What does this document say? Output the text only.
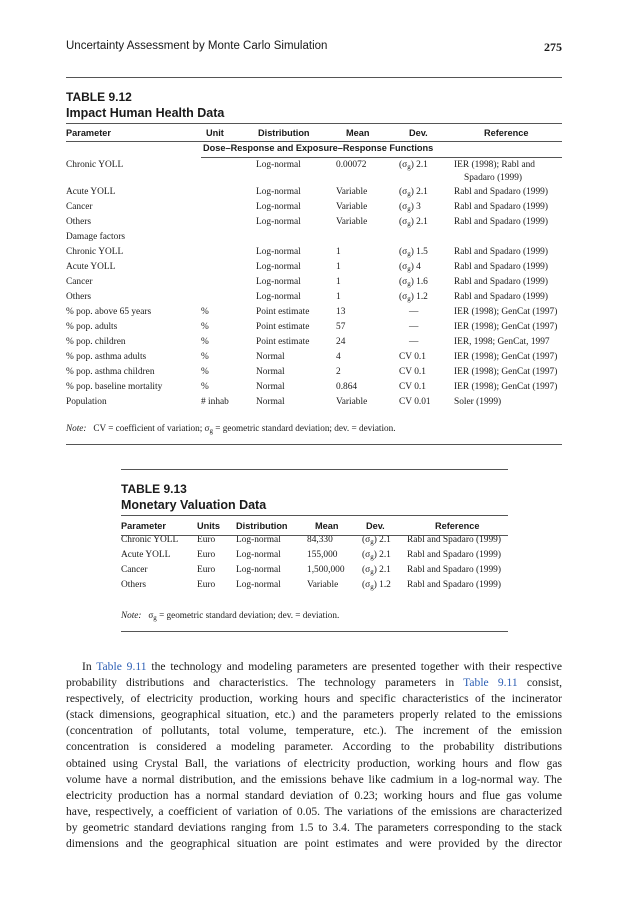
Uncertainty Assessment by Monte Carlo Simulation	275
TABLE 9.12
Impact Human Health Data
Parameter	Unit	Distribution	Mean	Dev.	Reference

Chronic YOLL		Log-normal	0.00072	$(\sigma_g)$ 2.1	IER (1998); Rabl and
Spadaro (1999)
Acute YOLL		Log-normal	Variable	$(\sigma_g)$ 2.1	Rabl and Spadaro (1999)
Cancer		Log-normal	Variable	$(\sigma_g)$ 3	Rabl and Spadaro (1999)
Others		Log-normal	Variable	$(\sigma_g)$ 2.1	Rabl and Spadaro (1999)
Damage factors					
Chronic YOLL		Log-normal	1	$(\sigma_g)$ 1.5	Rabl and Spadaro (1999)
Acute YOLL		Log-normal	1	$(\sigma_g)$ 4	Rabl and Spadaro (1999)
Cancer		Log-normal	1	$(\sigma_g)$ 1.6	Rabl and Spadaro (1999)
Others		Log-normal	1	$(\sigma_g)$ 1.2	Rabl and Spadaro (1999)
% pop. above 65 years	%	Point estimate	13	—	IER (1998); GenCat (1997)
% pop. adults	%	Point estimate	57	—	IER (1998); GenCat (1997)
% pop. children	%	Point estimate	24	—	IER, 1998; GenCat, 1997
% pop. asthma adults	%	Normal	4	CV 0.1	IER (1998); GenCat (1997)
% pop. asthma children	%	Normal	2	CV 0.1	IER (1998); GenCat (1997)
% pop. baseline mortality	%	Normal	0.864	CV 0.1	IER (1998); GenCat (1997)
Population	# inhab	Normal	Variable	CV 0.01	Soler (1999)
Dose–Response and Exposure–Response Functions
Note: CV = coefficient of variation; $\sigma_g$ = geometric standard deviation; dev. = deviation.
TABLE 9.13
Monetary Valuation Data
Parameter	Units	Distribution	Mean	Dev.	Reference
Chronic YOLL	Euro	Log-normal	84,330	$(\sigma_g)$ 2.1	Rabl and Spadaro (1999)
Acute YOLL	Euro	Log-normal	155,000	$(\sigma_g)$ 2.1	Rabl and Spadaro (1999)
Cancer	Euro	Log-normal	1,500,000	$(\sigma_g)$ 2.1	Rabl and Spadaro (1999)
Others	Euro	Log-normal	Variable	$(\sigma_g)$ 1.2	Rabl and Spadaro (1999)
Note: $\sigma_g$ = geometric standard deviation; dev. = deviation.
In Table 9.11 the technology and modeling parameters are presented together with their respective
probability distributions and characteristics. The technology parameters in Table 9.11 consist,
respectively, of electricity production, working hours and specific characteristics of the incinerator
(stack dimensions, geographical situation, etc.) and the parameters properly related to the emissions
(concentration of pollutants, total volume, temperature, etc.). The increment of the emission
concentration is considered a modeling parameter. According to the probability distributions
obtained using Crystal Ball, the variations of electricity production, working hours and flow gas
volume have a normal distribution, and the emissions behave like cadmium in a log-normal way. The
electricity production has a normal standard deviation of 0.23; working hours and flue gas volume
have, respectively, a coefficient of variation of 0.05. The variations of the emissions are characterized
by geometric standard deviations ranging from 1.5 to 3.4. The parameters corresponding to the stack
dimensions and the geographical situation are point estimates and were provided by the director
